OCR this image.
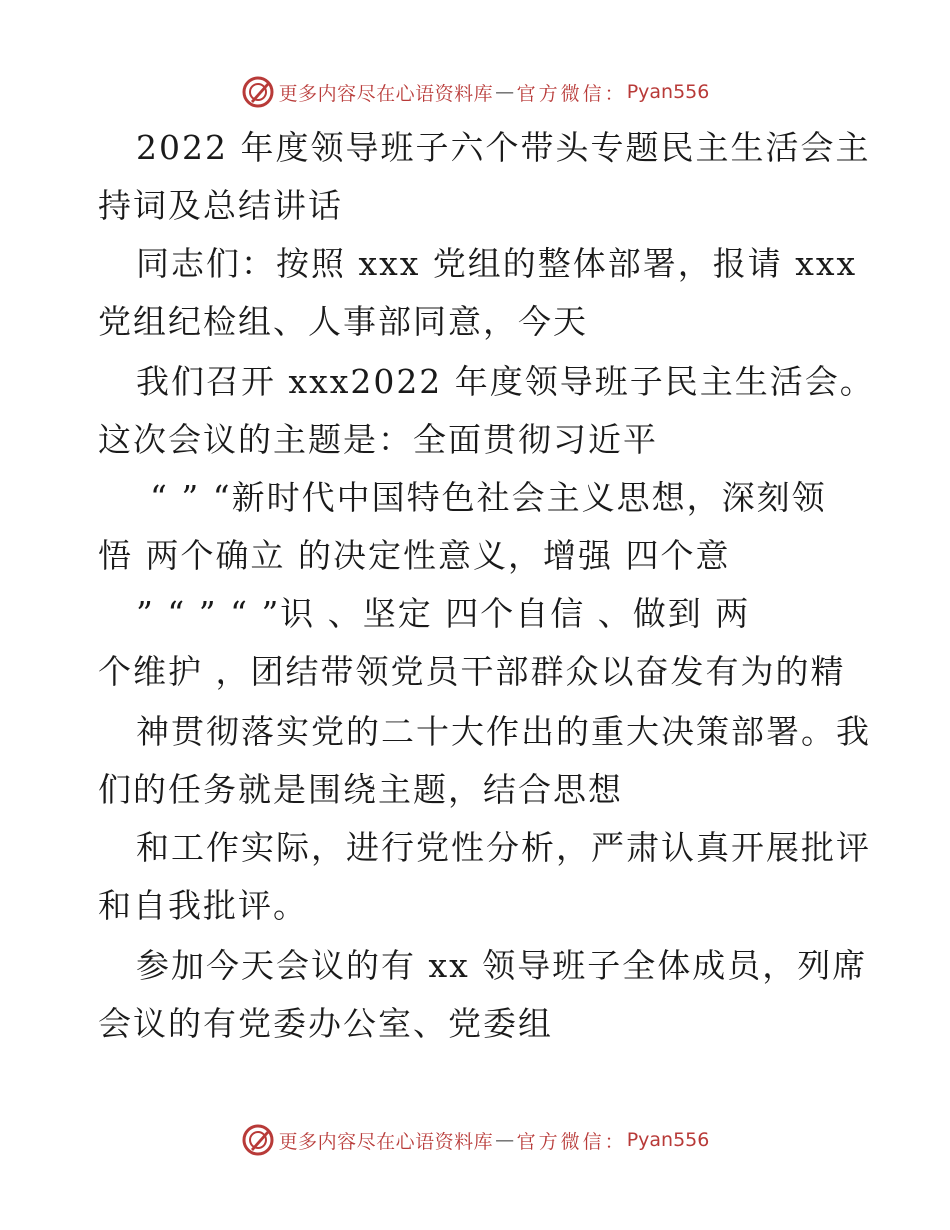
更多内容尽在心语资料库 — 官方微信： Pyan556
2022 年度领导班子六个带头专题民主生活会主
持词及总结讲话
同志们：按照 xxx 党组的整体部署，报请 xxx
党组纪检组、人事部同意，今天
我们召开 xxx2022 年度领导班子民主生活会。
这次会议的主题是：全面贯彻习近平
“ ” “新时代中国特色社会主义思想，深刻领
悟 两个确立 的决定性意义，增强 四个意
” “ ” “ ”识 、坚定 四个自信 、做到 两
个维护 ，团结带领党员干部群众以奋发有为的精
神贯彻落实党的二十大作出的重大决策部署。我
们的任务就是围绕主题，结合思想
和工作实际，进行党性分析，严肃认真开展批评
和自我批评。
参加今天会议的有 xx 领导班子全体成员，列席
会议的有党委办公室、党委组
更多内容尽在心语资料库 — 官方微信： Pyan556
